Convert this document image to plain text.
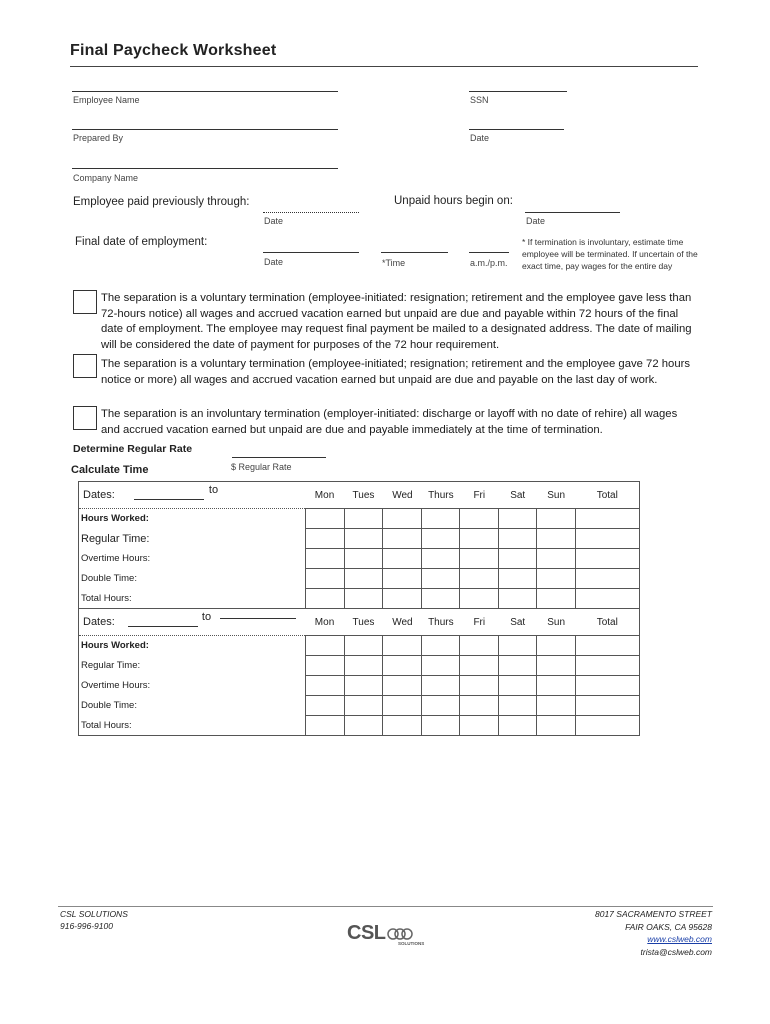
Final Paycheck Worksheet
Employee Name	SSN
Prepared By	Date
Company Name
Employee paid previously through:
Date
Unpaid hours begin on:
Date
Final date of employment:
Date	*Time	a.m./p.m.
* If termination is involuntary, estimate time employee will be terminated. If uncertain of the exact time, pay wages for the entire day
The separation is a voluntary termination (employee-initiated: resignation; retirement and the employee gave less than 72-hours notice) all wages and accrued vacation earned but unpaid are due and payable within 72 hours of the final date of employment. The employee may request final payment be mailed to a designated address. The date of mailing will be considered the date of payment for purposes of the 72 hour requirement.
The separation is a voluntary termination (employee-initiated; resignation; retirement and the employee gave 72 hours notice or more) all wages and accrued vacation earned but unpaid are due and payable on the last day of work.
The separation is an involuntary termination (employer-initiated: discharge or layoff with no date of rehire) all wages and accrued vacation earned but unpaid are due and payable immediately at the time of termination.
Determine Regular Rate
$ Regular Rate
Calculate Time
Dates: to	Mon	Tues	Wed	Thurs	Fri	Sat	Sun	Total
Hours Worked:								
Regular Time:								
Overtime Hours:								
Double Time:								
Total Hours:								
Dates: to	Mon	Tues	Wed	Thurs	Fri	Sat	Sun	Total
Hours Worked:								
Regular Time:								
Overtime Hours:								
Double Time:								
Total Hours:								
CSL SOLUTIONS
916-996-9100	CSL	SOLUTIONS
8017 SACRAMENTO STREET
FAIR OAKS, CA 95628
www.cslweb.com
trista@cslweb.com
